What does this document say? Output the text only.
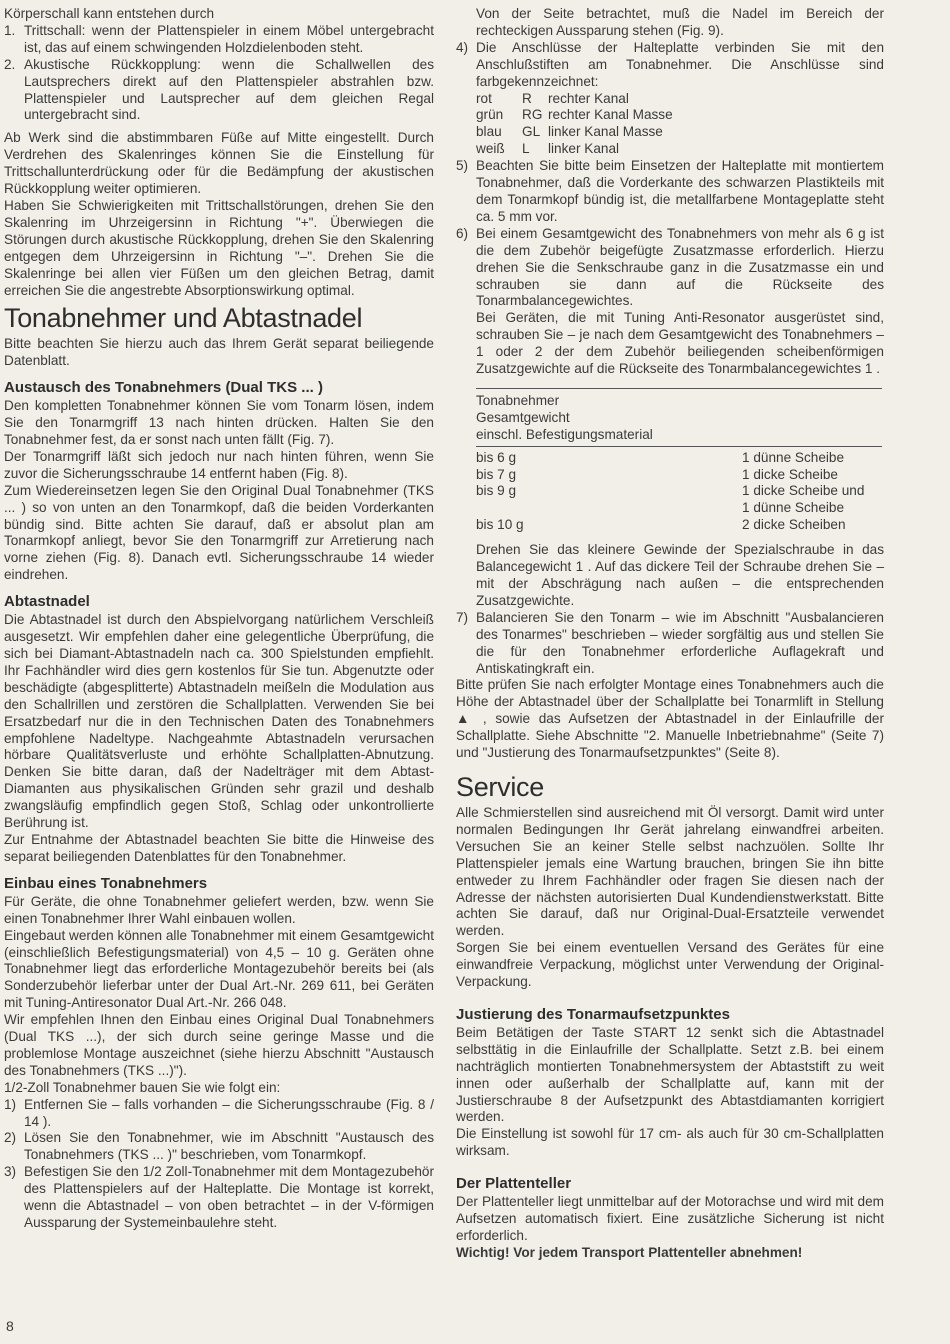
Körperschall kann entstehen durch

1. Trittschall: wenn der Plattenspieler in einem Möbel untergebracht ist, das auf einem schwingenden Holzdielenboden steht.
2. Akustische Rückkopplung: wenn die Schallwellen des Lautsprechers direkt auf den Plattenspieler abstrahlen bzw. Plattenspieler und Lautsprecher auf dem gleichen Regal untergebracht sind.

Ab Werk sind die abstimmbaren Füße auf Mitte eingestellt. Durch Verdrehen des Skalenringes können Sie die Einstellung für Trittschallunterdrückung oder für die Bedämpfung der akustischen Rückkopplung weiter optimieren.

Haben Sie Schwierigkeiten mit Trittschallstörungen, drehen Sie den Skalenring im Uhrzeigersinn in Richtung "+". Überwiegen die Störungen durch akustische Rückkopplung, drehen Sie den Skalenring entgegen dem Uhrzeigersinn in Richtung "–". Drehen Sie die Skalenringe bei allen vier Füßen um den gleichen Betrag, damit erreichen Sie die angestrebte Absorptionswirkung optimal.

Tonabnehmer und Abtastnadel

Bitte beachten Sie hierzu auch das Ihrem Gerät separat beiliegende Datenblatt.

Austausch des Tonabnehmers (Dual TKS ... )

Den kompletten Tonabnehmer können Sie vom Tonarm lösen, indem Sie den Tonarmgriff 13 nach hinten drücken. Halten Sie den Tonabnehmer fest, da er sonst nach unten fällt (Fig. 7).

Der Tonarmgriff läßt sich jedoch nur nach hinten führen, wenn Sie zuvor die Sicherungsschraube 14 entfernt haben (Fig. 8).

Zum Wiedereinsetzen legen Sie den Original Dual Tonabnehmer (TKS ... ) so von unten an den Tonarmkopf, daß die beiden Vorderkanten bündig sind. Bitte achten Sie darauf, daß er absolut plan am Tonarmkopf anliegt, bevor Sie den Tonarmgriff zur Arretierung nach vorne ziehen (Fig. 8). Danach evtl. Sicherungsschraube 14 wieder eindrehen.

Abtastnadel

Die Abtastnadel ist durch den Abspielvorgang natürlichem Verschleiß ausgesetzt. Wir empfehlen daher eine gelegentliche Überprüfung, die sich bei Diamant-Abtastnadeln nach ca. 300 Spielstunden empfiehlt. Ihr Fachhändler wird dies gern kostenlos für Sie tun. Abgenutzte oder beschädigte (abgesplitterte) Abtastnadeln meißeln die Modulation aus den Schallrillen und zerstören die Schallplatten. Verwenden Sie bei Ersatzbedarf nur die in den Technischen Daten des Tonabnehmers empfohlene Nadeltype. Nachgeahmte Abtastnadeln verursachen hörbare Qualitätsverluste und erhöhte Schallplatten-Abnutzung. Denken Sie bitte daran, daß der Nadelträger mit dem Abtast-Diamanten aus physikalischen Gründen sehr grazil und deshalb zwangsläufig empfindlich gegen Stoß, Schlag oder unkontrollierte Berührung ist.

Zur Entnahme der Abtastnadel beachten Sie bitte die Hinweise des separat beiliegenden Datenblattes für den Tonabnehmer.

Einbau eines Tonabnehmers

Für Geräte, die ohne Tonabnehmer geliefert werden, bzw. wenn Sie einen Tonabnehmer Ihrer Wahl einbauen wollen.

Eingebaut werden können alle Tonabnehmer mit einem Gesamtgewicht (einschließlich Befestigungsmaterial) von 4,5 – 10 g. Geräten ohne Tonabnehmer liegt das erforderliche Montagezubehör bereits bei (als Sonderzubehör lieferbar unter der Dual Art.-Nr. 269 611, bei Geräten mit Tuning-Antiresonator Dual Art.-Nr. 266 048.

Wir empfehlen Ihnen den Einbau eines Original Dual Tonabnehmers (Dual TKS ...), der sich durch seine geringe Masse und die problemlose Montage auszeichnet (siehe hierzu Abschnitt "Austausch des Tonabnehmers (TKS ...)").

1/2-Zoll Tonabnehmer bauen Sie wie folgt ein:

1) Entfernen Sie – falls vorhanden – die Sicherungsschraube (Fig. 8 / 14 ).
2) Lösen Sie den Tonabnehmer, wie im Abschnitt "Austausch des Tonabnehmers (TKS ... )" beschrieben, vom Tonarmkopf.
3) Befestigen Sie den 1/2 Zoll-Tonabnehmer mit dem Montagezubehör des Plattenspielers auf der Halteplatte. Die Montage ist korrekt, wenn die Abtastnadel – von oben betrachtet – in der V-förmigen Aussparung der Systemeinbaulehre steht.

Von der Seite betrachtet, muß die Nadel im Bereich der rechteckigen Aussparung stehen (Fig. 9).

4) Die Anschlüsse der Halteplatte verbinden Sie mit den Anschlußstiften am Tonabnehmer. Die Anschlüsse sind farbgekennzeichnet:
rot	R	rechter Kanal
grün	RG rechter Kanal Masse
blau	GL linker Kanal Masse
weiß	L	linker Kanal
5) Beachten Sie bitte beim Einsetzen der Halteplatte mit montiertem Tonabnehmer, daß die Vorderkante des schwarzen Plastikteils mit dem Tonarmkopf bündig ist, die metallfarbene Montageplatte steht ca. 5 mm vor.
6) Bei einem Gesamtgewicht des Tonabnehmers von mehr als 6 g ist die dem Zubehör beigefügte Zusatzmasse erforderlich. Hierzu drehen Sie die Senkschraube ganz in die Zusatzmasse ein und schrauben sie dann auf die Rückseite des Tonarmbalancegewichtes.
Bei Geräten, die mit Tuning Anti-Resonator ausgerüstet sind, schrauben Sie – je nach dem Gesamtgewicht des Tonabnehmers – 1 oder 2 der dem Zubehör beiliegenden scheibenförmigen Zusatzgewichte auf die Rückseite des Tonarmbalancegewichtes 1 .
Tonabnehmer
Gesamtgewicht
einschl. Befestigungsmaterial
bis 6 g	1 dünne Scheibe
bis 7 g	1 dicke Scheibe
bis 9 g	1 dicke Scheibe und
1 dünne Scheibe
bis 10 g	2 dicke Scheiben

Drehen Sie das kleinere Gewinde der Spezialschraube in das Balancegewicht 1 . Auf das dickere Teil der Schraube drehen Sie – mit der Abschrägung nach außen – die entsprechenden Zusatzgewichte.

7) Balancieren Sie den Tonarm – wie im Abschnitt "Ausbalancieren des Tonarmes" beschrieben – wieder sorgfältig aus und stellen Sie die für den Tonabnehmer erforderliche Auflagekraft und Antiskatingkraft ein.

Bitte prüfen Sie nach erfolgter Montage eines Tonabnehmers auch die Höhe der Abtastnadel über der Schallplatte bei Tonarmlift in Stellung ▲ , sowie das Aufsetzen der Abtastnadel in der Einlaufrille der Schallplatte. Siehe Abschnitte "2. Manuelle Inbetriebnahme" (Seite 7) und "Justierung des Tonarmaufsetzpunktes" (Seite 8).

Service

Alle Schmierstellen sind ausreichend mit Öl versorgt. Damit wird unter normalen Bedingungen Ihr Gerät jahrelang einwandfrei arbeiten. Versuchen Sie an keiner Stelle selbst nachzuölen. Sollte Ihr Plattenspieler jemals eine Wartung brauchen, bringen Sie ihn bitte entweder zu Ihrem Fachhändler oder fragen Sie diesen nach der Adresse der nächsten autorisierten Dual Kundendienstwerkstatt. Bitte achten Sie darauf, daß nur Original-Dual-Ersatzteile verwendet werden.

Sorgen Sie bei einem eventuellen Versand des Gerätes für eine einwandfreie Verpackung, möglichst unter Verwendung der Original-Verpackung.

Justierung des Tonarmaufsetzpunktes

Beim Betätigen der Taste START 12 senkt sich die Abtastnadel selbsttätig in die Einlaufrille der Schallplatte. Setzt z.B. bei einem nachträglich montierten Tonabnehmersystem der Abtaststift zu weit innen oder außerhalb der Schallplatte auf, kann mit der Justierschraube 8 der Aufsetzpunkt des Abtastdiamanten korrigiert werden.

Die Einstellung ist sowohl für 17 cm- als auch für 30 cm-Schallplatten wirksam.

Der Plattenteller

Der Plattenteller liegt unmittelbar auf der Motorachse und wird mit dem Aufsetzen automatisch fixiert. Eine zusätzliche Sicherung ist nicht erforderlich.

Wichtig! Vor jedem Transport Plattenteller abnehmen!

8
